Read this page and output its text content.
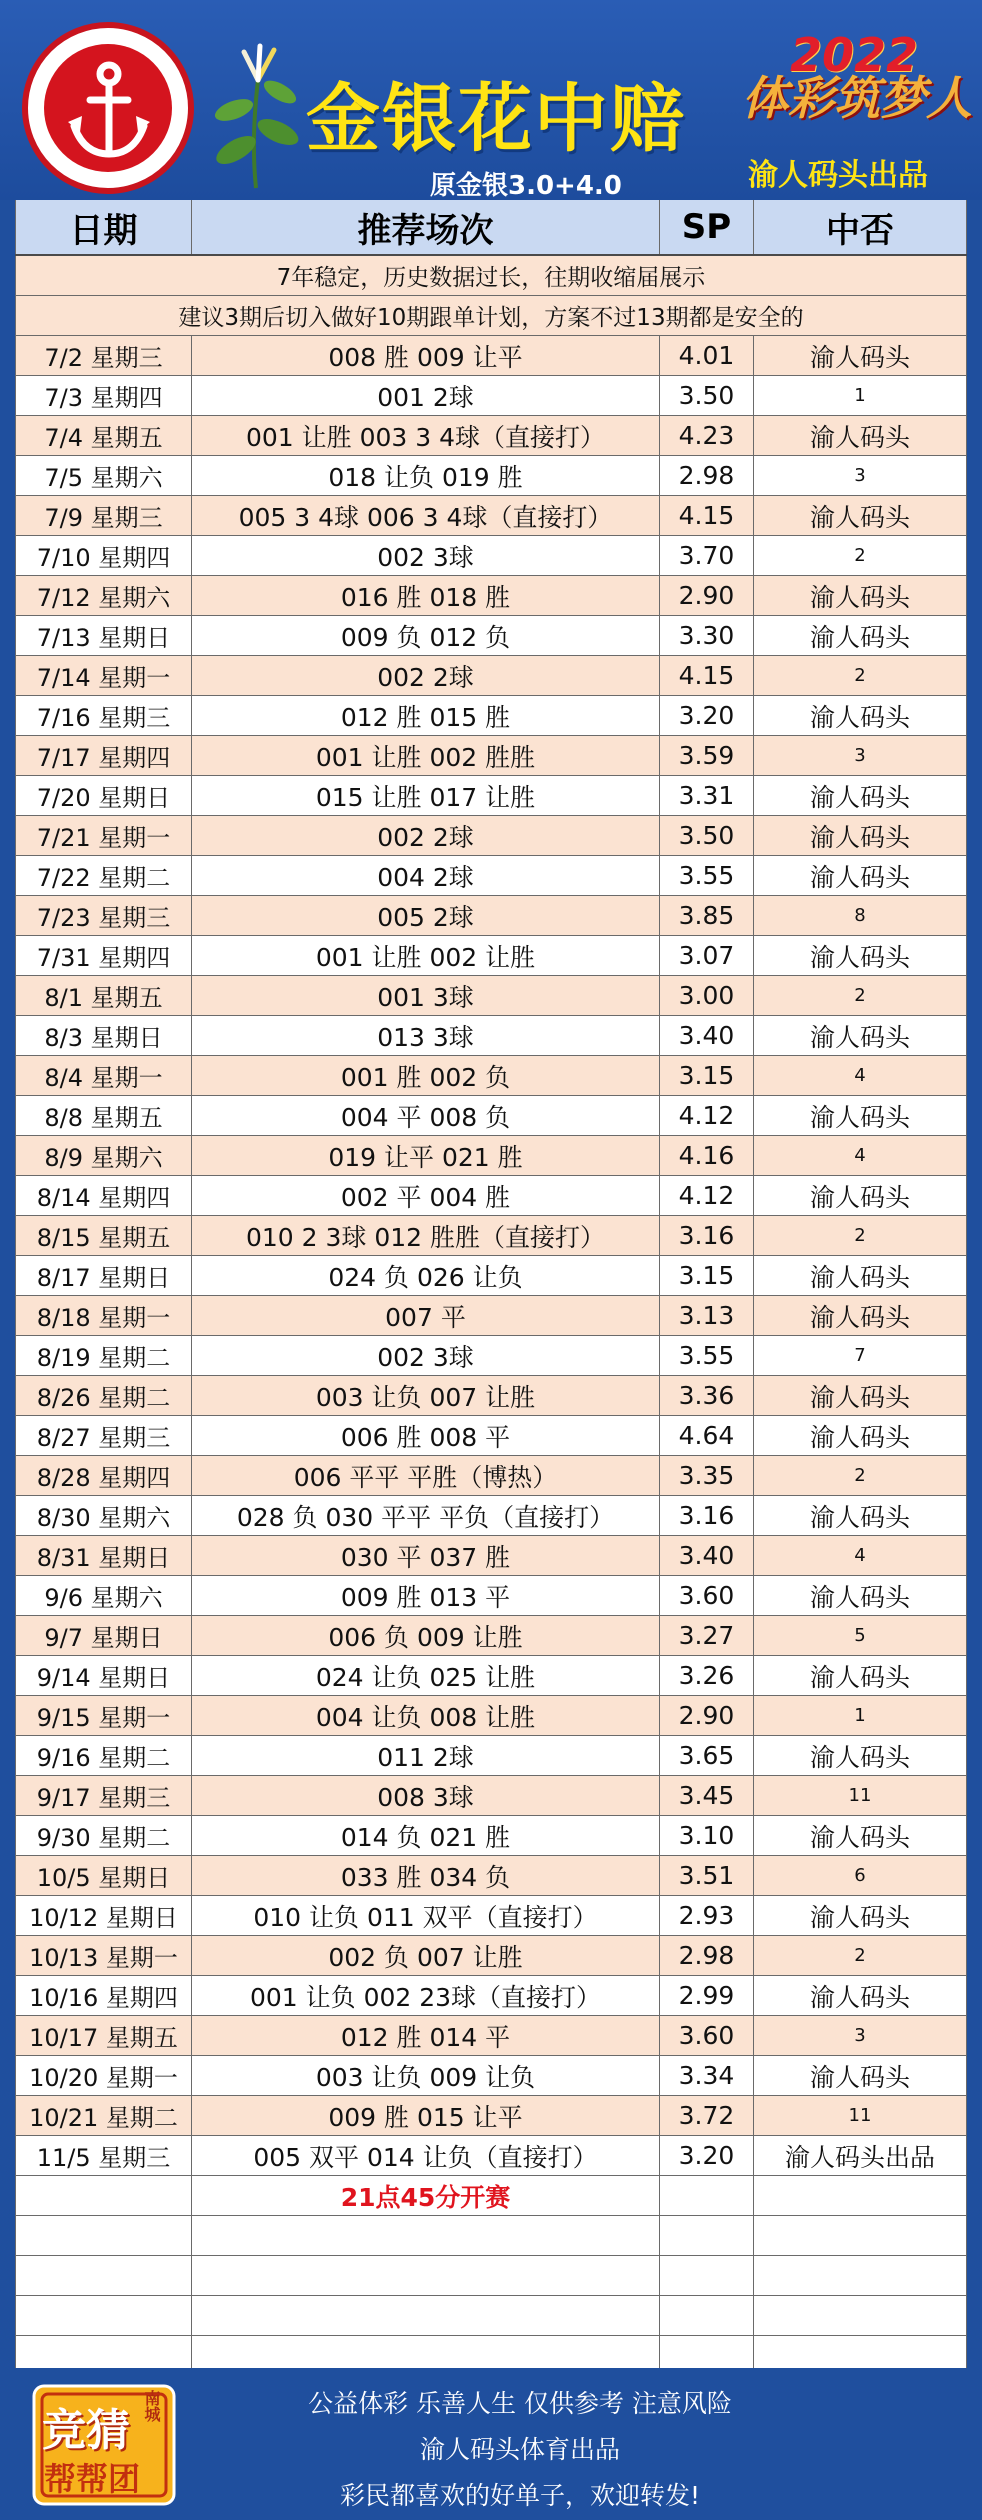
金银花中赔
原金银3.0+4.0
2022
体彩筑梦人
渝人码头出品
日期	推荐场次	SP	中否
7年稳定，历史数据过长，往期收缩届展示
建议3期后切入做好10期跟单计划，方案不过13期都是安全的
7/2 星期三	008 胜 009 让平	4.01	渝人码头
7/3 星期四	001 2球	3.50	1
7/4 星期五	001 让胜 003 3 4球（直接打）	4.23	渝人码头
7/5 星期六	018 让负 019 胜	2.98	3
7/9 星期三	005 3 4球 006 3 4球（直接打）	4.15	渝人码头
7/10 星期四	002 3球	3.70	2
7/12 星期六	016 胜 018 胜	2.90	渝人码头
7/13 星期日	009 负 012 负	3.30	渝人码头
7/14 星期一	002 2球	4.15	2
7/16 星期三	012 胜 015 胜	3.20	渝人码头
7/17 星期四	001 让胜 002 胜胜	3.59	3
7/20 星期日	015 让胜 017 让胜	3.31	渝人码头
7/21 星期一	002 2球	3.50	渝人码头
7/22 星期二	004 2球	3.55	渝人码头
7/23 星期三	005 2球	3.85	8
7/31 星期四	001 让胜 002 让胜	3.07	渝人码头
8/1 星期五	001 3球	3.00	2
8/3 星期日	013 3球	3.40	渝人码头
8/4 星期一	001 胜 002 负	3.15	4
8/8 星期五	004 平 008 负	4.12	渝人码头
8/9 星期六	019 让平 021 胜	4.16	4
8/14 星期四	002 平 004 胜	4.12	渝人码头
8/15 星期五	010 2 3球 012 胜胜（直接打）	3.16	2
8/17 星期日	024 负 026 让负	3.15	渝人码头
8/18 星期一	007 平	3.13	渝人码头
8/19 星期二	002 3球	3.55	7
8/26 星期二	003 让负 007 让胜	3.36	渝人码头
8/27 星期三	006 胜 008 平	4.64	渝人码头
8/28 星期四	006 平平 平胜（博热）	3.35	2
8/30 星期六	028 负 030 平平 平负（直接打）	3.16	渝人码头
8/31 星期日	030 平 037 胜	3.40	4
9/6 星期六	009 胜 013 平	3.60	渝人码头
9/7 星期日	006 负 009 让胜	3.27	5
9/14 星期日	024 让负 025 让胜	3.26	渝人码头
9/15 星期一	004 让负 008 让胜	2.90	1
9/16 星期二	011 2球	3.65	渝人码头
9/17 星期三	008 3球	3.45	11
9/30 星期二	014 负 021 胜	3.10	渝人码头
10/5 星期日	033 胜 034 负	3.51	6
10/12 星期日	010 让负 011 双平（直接打）	2.93	渝人码头
10/13 星期一	002 负 007 让胜	2.98	2
10/16 星期四	001 让负 002 23球（直接打）	2.99	渝人码头
10/17 星期五	012 胜 014 平	3.60	3
10/20 星期一	003 让负 009 让负	3.34	渝人码头
10/21 星期二	009 胜 015 让平	3.72	11
11/5 星期三	005 双平 014 让负（直接打）	3.20	渝人码头出品
21点45分开赛
竞猜 南城
帮帮团
公益体彩 乐善人生 仅供参考 注意风险
渝人码头体育出品
彩民都喜欢的好单子，欢迎转发!
